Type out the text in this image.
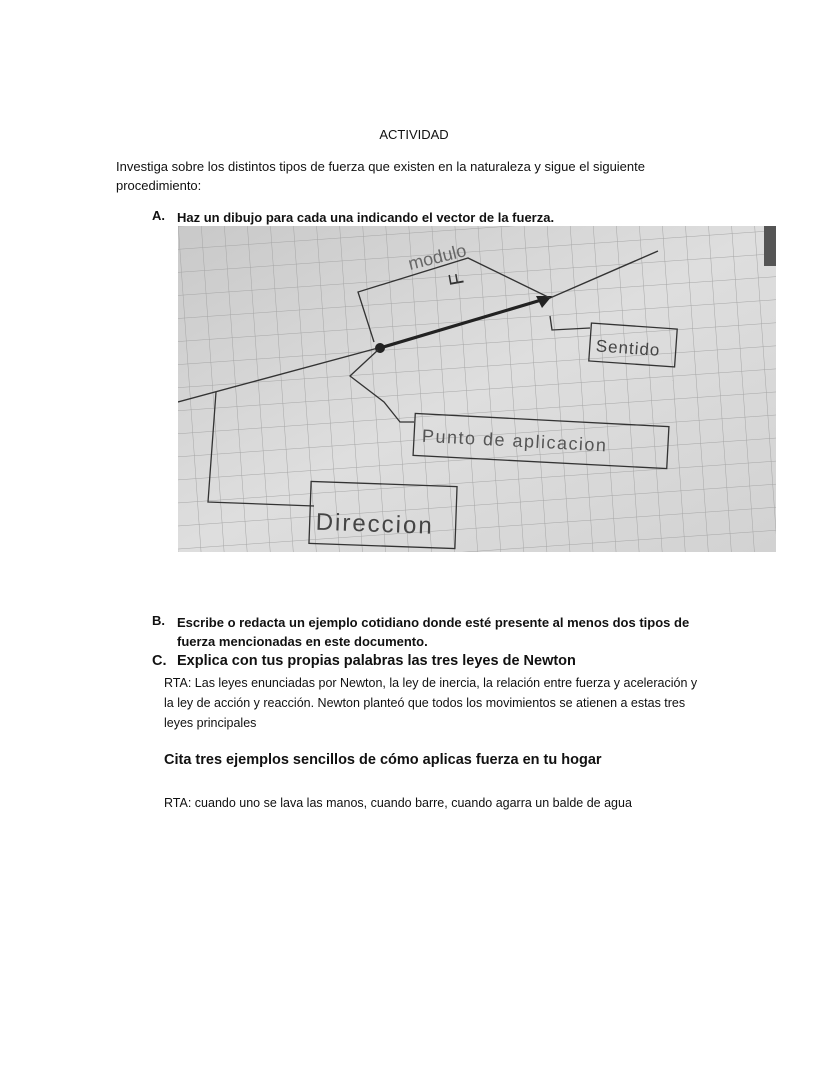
ACTIVIDAD
Investiga sobre los distintos tipos de fuerza que existen en la naturaleza y sigue el siguiente procedimiento:
A. Haz un dibujo para cada una indicando el vector de la fuerza.
modulo
F
Sentido
Punto de aplicacion
Direccion
B. Escribe o redacta un ejemplo cotidiano donde esté presente al menos dos tipos de fuerza mencionadas en este documento.
C. Explica con tus propias palabras las tres leyes de Newton
RTA: Las leyes enunciadas por Newton, la ley de inercia, la relación entre fuerza y aceleración y la ley de acción y reacción. Newton planteó que todos los movimientos se atienen a estas tres leyes principales
Cita tres ejemplos sencillos de cómo aplicas fuerza en tu hogar
RTA: cuando uno se lava las manos, cuando barre, cuando agarra un balde de agua
